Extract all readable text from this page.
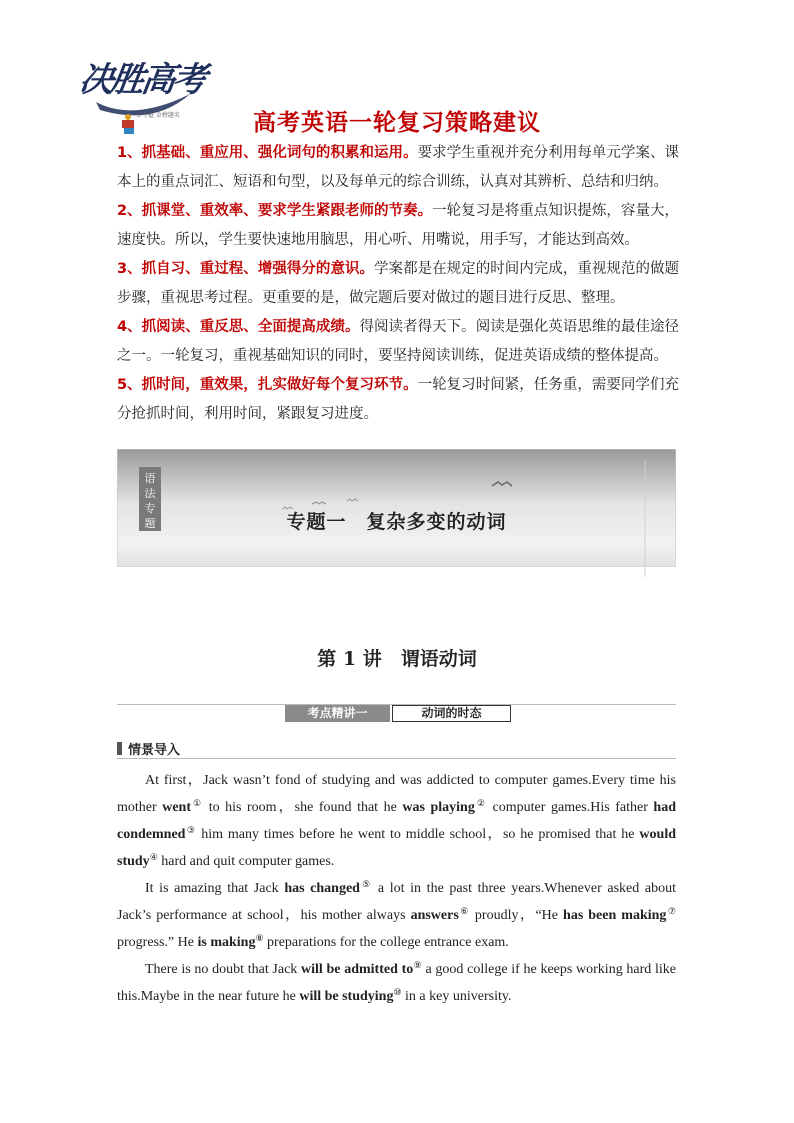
决胜高考
一举夺魁 金榜题名	高考英语一轮复习策略建议

1、抓基础、重应用、强化词句的积累和运用。要求学生重视并充分利用每单元学案、课本上的重点词汇、短语和句型，以及每单元的综合训练，认真对其辨析、总结和归纳。

2、抓课堂、重效率、要求学生紧跟老师的节奏。一轮复习是将重点知识提炼，容量大，速度快。所以，学生要快速地用脑思，用心听、用嘴说，用手写，才能达到高效。

3、抓自习、重过程、增强得分的意识。学案都是在规定的时间内完成，重视规范的做题步骤，重视思考过程。更重要的是，做完题后要对做过的题目进行反思、整理。

4、抓阅读、重反思、全面提高成绩。得阅读者得天下。阅读是强化英语思维的最佳途径之一。一轮复习，重视基础知识的同时，要坚持阅读训练，促进英语成绩的整体提高。

5、抓时间，重效果，扎实做好每个复习环节。一轮复习时间紧，任务重，需要同学们充分抢抓时间，利用时间，紧跟复习进度。

语
法
专
题	专题一　复杂多变的动词
第 1 讲　谓语动词
考点精讲一	动词的时态
情景导入

At first，Jack wasn’t fond of studying and was addicted to computer games.Every time his mother went① to his room，she found that he was playing② computer games.His father had condemned③ him many times before he went to middle school，so he promised that he would study④ hard and quit computer games.

It is amazing that Jack has changed⑤ a lot in the past three years.Whenever asked about Jack’s performance at school，his mother always answers⑥ proudly，“He has been making⑦ progress.” He is making⑧ preparations for the college entrance exam.

There is no doubt that Jack will be admitted to⑨ a good college if he keeps working hard like this.Maybe in the near future he will be studying⑩ in a key university.
